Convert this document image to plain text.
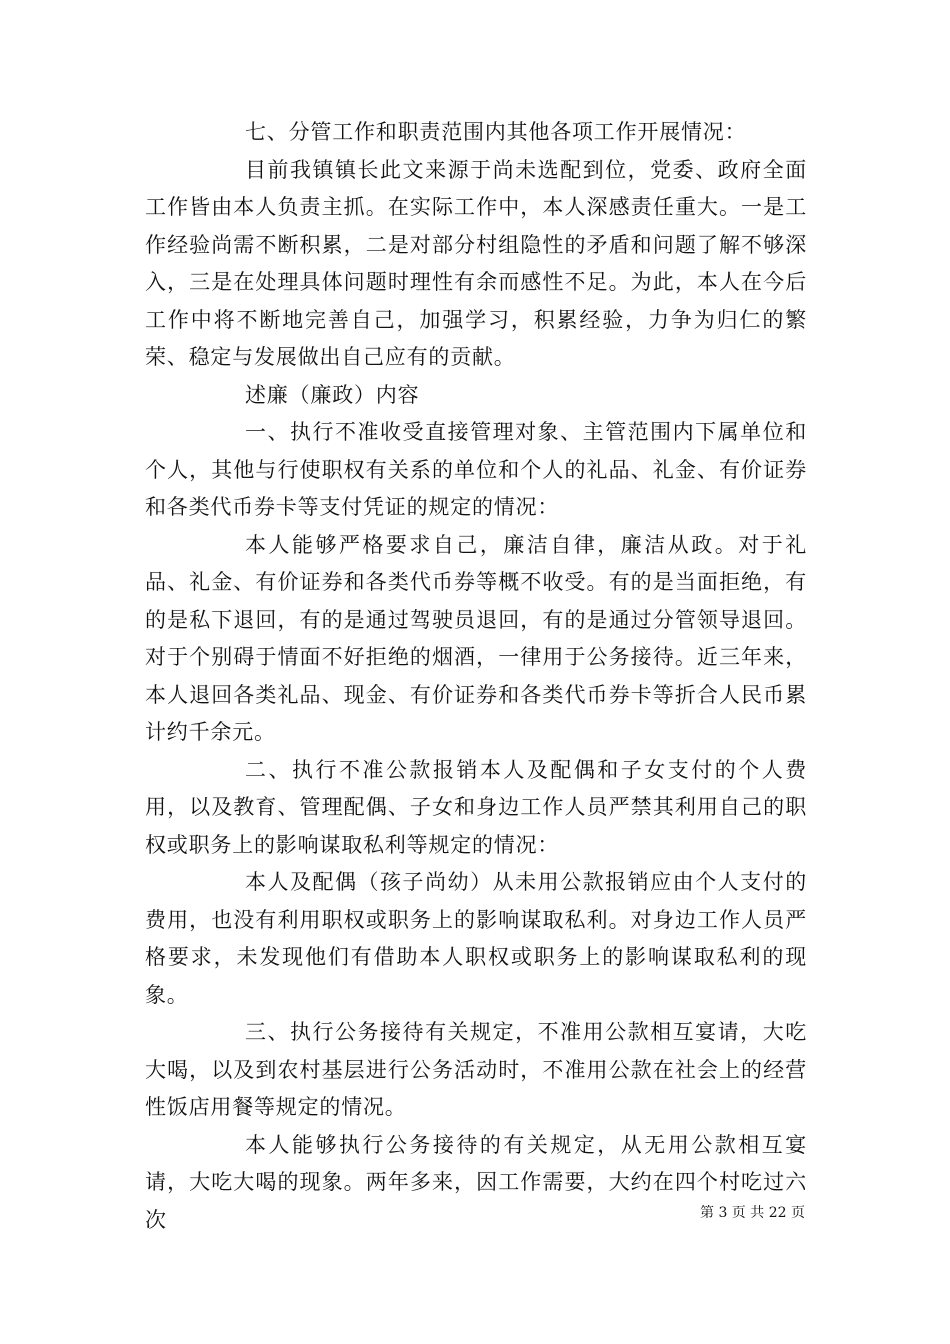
七、分管工作和职责范围内其他各项工作开展情况：

目前我镇镇长此文来源于尚未选配到位，党委、政府全面工作皆由本人负责主抓。在实际工作中，本人深感责任重大。一是工作经验尚需不断积累，二是对部分村组隐性的矛盾和问题了解不够深入，三是在处理具体问题时理性有余而感性不足。为此，本人在今后工作中将不断地完善自己，加强学习，积累经验，力争为归仁的繁荣、稳定与发展做出自己应有的贡献。

述廉（廉政）内容

一、执行不准收受直接管理对象、主管范围内下属单位和个人，其他与行使职权有关系的单位和个人的礼品、礼金、有价证券和各类代币券卡等支付凭证的规定的情况：

本人能够严格要求自己，廉洁自律，廉洁从政。对于礼品、礼金、有价证券和各类代币券等概不收受。有的是当面拒绝，有的是私下退回，有的是通过驾驶员退回，有的是通过分管领导退回。对于个别碍于情面不好拒绝的烟酒，一律用于公务接待。近三年来，本人退回各类礼品、现金、有价证券和各类代币券卡等折合人民币累计约千余元。

二、执行不准公款报销本人及配偶和子女支付的个人费用，以及教育、管理配偶、子女和身边工作人员严禁其利用自己的职权或职务上的影响谋取私利等规定的情况：

本人及配偶（孩子尚幼）从未用公款报销应由个人支付的费用，也没有利用职权或职务上的影响谋取私利。对身边工作人员严格要求，未发现他们有借助本人职权或职务上的影响谋取私利的现象。

三、执行公务接待有关规定，不准用公款相互宴请，大吃大喝，以及到农村基层进行公务活动时，不准用公款在社会上的经营性饭店用餐等规定的情况。

本人能够执行公务接待的有关规定，从无用公款相互宴请，大吃大喝的现象。两年多来，因工作需要，大约在四个村吃过六次	第 3 页 共 22 页
